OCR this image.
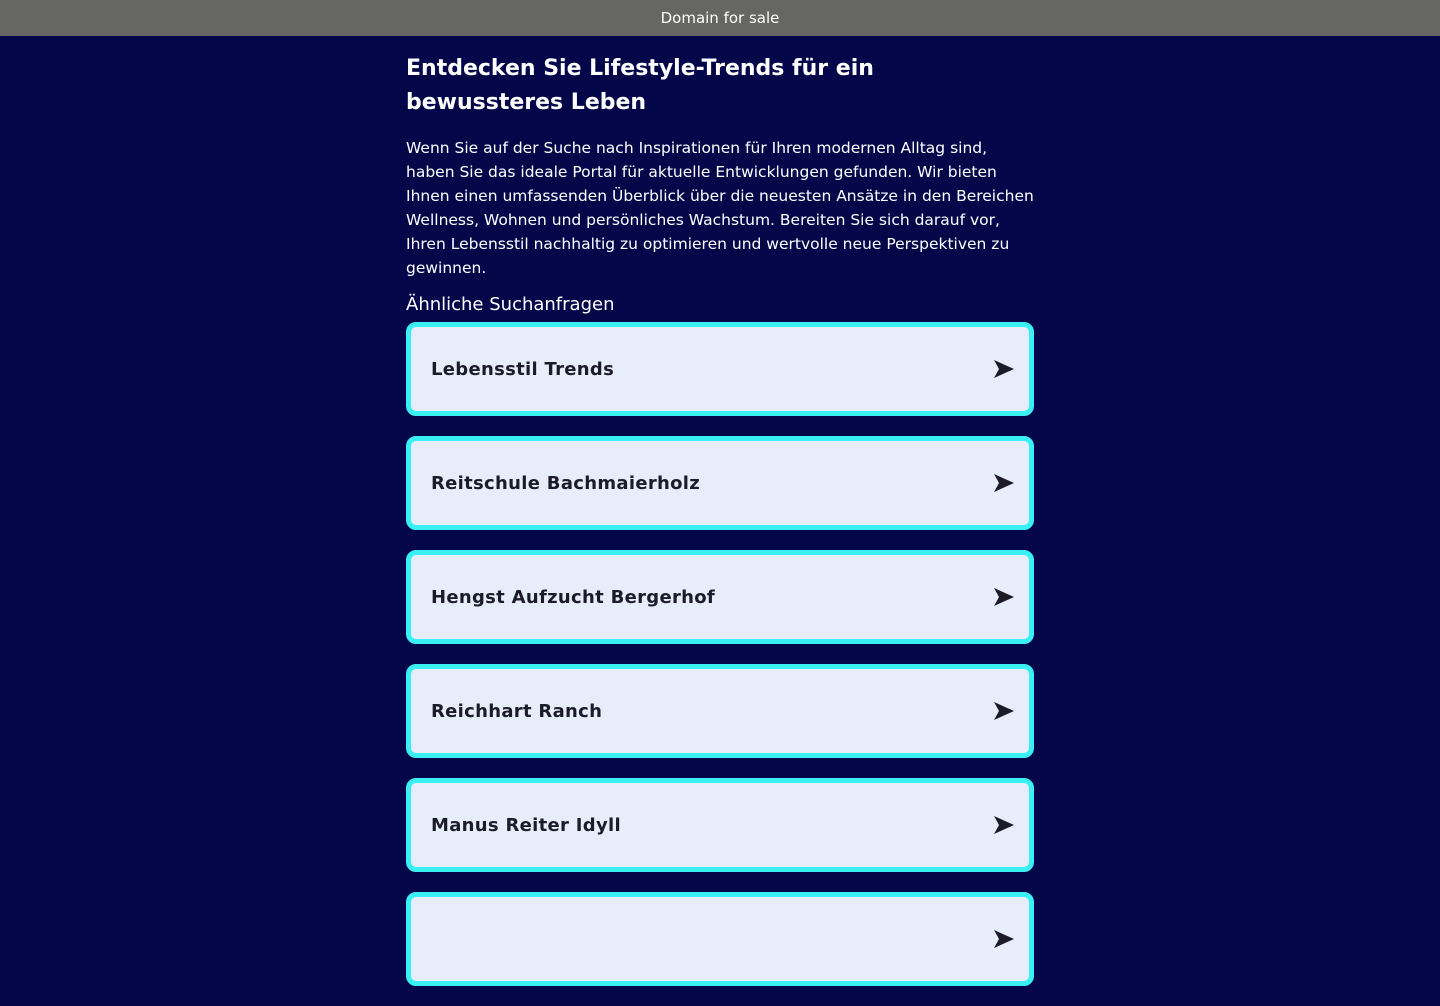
Domain for sale
Entdecken Sie Lifestyle-Trends für ein bewussteres Leben

Wenn Sie auf der Suche nach Inspirationen für Ihren modernen Alltag sind, haben Sie das ideale Portal für aktuelle Entwicklungen gefunden. Wir bieten Ihnen einen umfassenden Überblick über die neuesten Ansätze in den Bereichen Wellness, Wohnen und persönliches Wachstum. Bereiten Sie sich darauf vor, Ihren Lebensstil nachhaltig zu optimieren und wertvolle neue Perspektiven zu gewinnen.

Ähnliche Suchanfragen
Lebensstil Trends
Reitschule Bachmaierholz
Hengst Aufzucht Bergerhof
Reichhart Ranch
Manus Reiter Idyll
